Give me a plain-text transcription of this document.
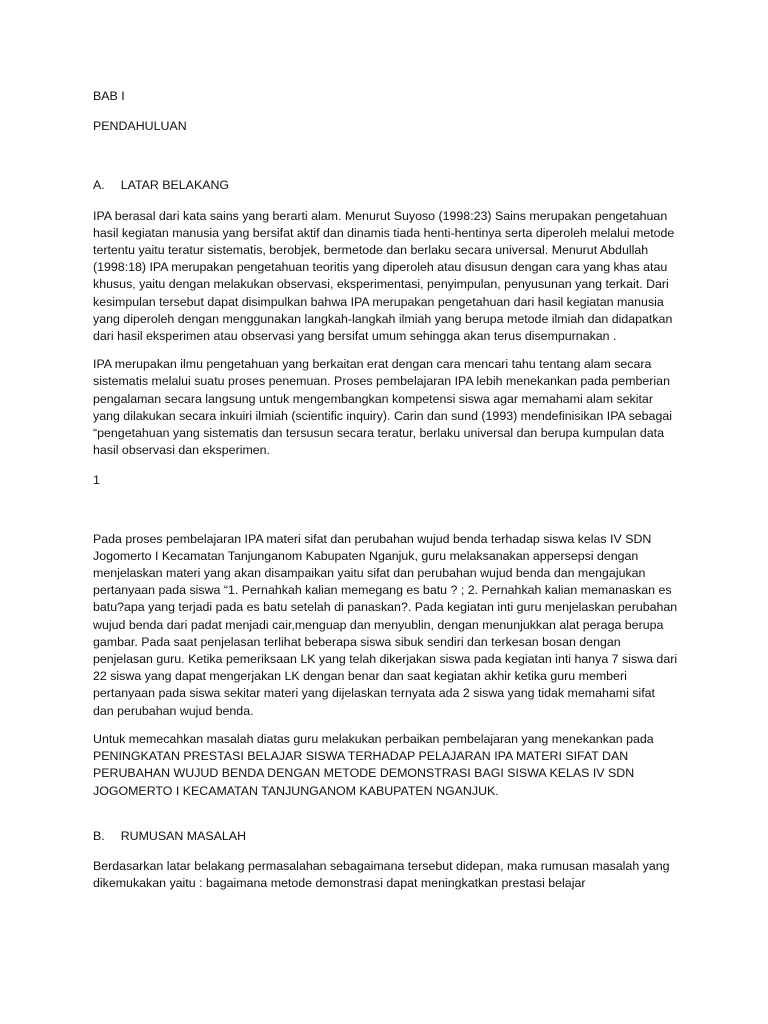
BAB I

PENDAHULUAN

A. LATAR BELAKANG

IPA berasal dari kata sains yang berarti alam. Menurut Suyoso (1998:23) Sains merupakan pengetahuan hasil kegiatan manusia yang bersifat aktif dan dinamis tiada henti-hentinya serta diperoleh melalui metode tertentu yaitu teratur sistematis, berobjek, bermetode dan berlaku secara universal. Menurut Abdullah (1998:18) IPA merupakan pengetahuan teoritis yang diperoleh atau disusun dengan cara yang khas atau khusus, yaitu dengan melakukan observasi, eksperimentasi, penyimpulan, penyusunan yang terkait. Dari kesimpulan tersebut dapat disimpulkan bahwa IPA merupakan pengetahuan dari hasil kegiatan manusia yang diperoleh dengan menggunakan langkah-langkah ilmiah yang berupa metode ilmiah dan didapatkan dari hasil eksperimen atau observasi yang bersifat umum sehingga akan terus disempurnakan .

IPA merupakan ilmu pengetahuan yang berkaitan erat dengan cara mencari tahu tentang alam secara sistematis melalui suatu proses penemuan. Proses pembelajaran IPA lebih menekankan pada pemberian pengalaman secara langsung untuk mengembangkan kompetensi siswa agar memahami alam sekitar yang dilakukan secara inkuiri ilmiah (scientific inquiry). Carin dan sund (1993) mendefinisikan IPA sebagai “pengetahuan yang sistematis dan tersusun secara teratur, berlaku universal dan berupa kumpulan data hasil observasi dan eksperimen.

1

Pada proses pembelajaran IPA materi sifat dan perubahan wujud benda terhadap siswa kelas IV SDN Jogomerto I Kecamatan Tanjunganom Kabupaten Nganjuk, guru melaksanakan appersepsi dengan menjelaskan materi yang akan disampaikan yaitu sifat dan perubahan wujud benda dan mengajukan pertanyaan pada siswa “1. Pernahkah kalian memegang es batu ? ; 2. Pernahkah kalian memanaskan es batu?apa yang terjadi pada es batu setelah di panaskan?. Pada kegiatan inti guru menjelaskan perubahan wujud benda dari padat menjadi cair,menguap dan menyublin, dengan menunjukkan alat peraga berupa gambar. Pada saat penjelasan terlihat beberapa siswa sibuk sendiri dan terkesan bosan dengan penjelasan guru. Ketika pemeriksaan LK yang telah dikerjakan siswa pada kegiatan inti hanya 7 siswa dari 22 siswa yang dapat mengerjakan LK dengan benar dan saat kegiatan akhir ketika guru memberi pertanyaan pada siswa sekitar materi yang dijelaskan ternyata ada 2 siswa yang tidak memahami sifat dan perubahan wujud benda.

Untuk memecahkan masalah diatas guru melakukan perbaikan pembelajaran yang menekankan pada PENINGKATAN PRESTASI BELAJAR SISWA TERHADAP PELAJARAN IPA MATERI SIFAT DAN PERUBAHAN WUJUD BENDA DENGAN METODE DEMONSTRASI BAGI SISWA KELAS IV SDN JOGOMERTO I KECAMATAN TANJUNGANOM KABUPATEN NGANJUK.

B. RUMUSAN MASALAH

Berdasarkan latar belakang permasalahan sebagaimana tersebut didepan, maka rumusan masalah yang dikemukakan yaitu : bagaimana metode demonstrasi dapat meningkatkan prestasi belajar
